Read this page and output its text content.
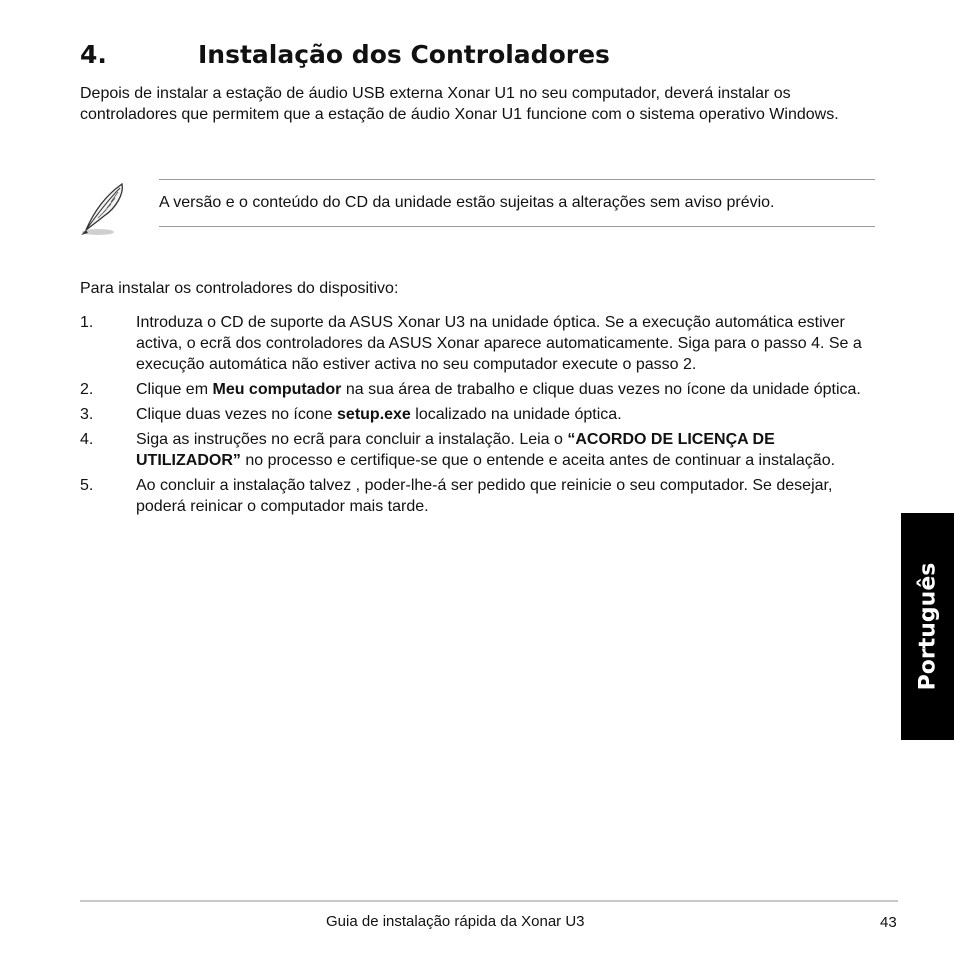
4.	Instalação dos Controladores

Depois de instalar a estação de áudio USB externa Xonar U1 no seu computador, deverá instalar os controladores que permitem que a estação de áudio Xonar U1 funcione com o sistema operativo Windows.

A versão e o conteúdo do CD da unidade estão sujeitas a alterações sem aviso prévio.

Para instalar os controladores do dispositivo:

1.	Introduza o CD de suporte da ASUS Xonar U3 na unidade óptica. Se a execução automática estiver activa, o ecrã dos controladores da ASUS Xonar aparece automaticamente. Siga para o passo 4. Se a execução automática não estiver activa no seu computador execute o passo 2.
2.	Clique em Meu computador na sua área de trabalho e clique duas vezes no ícone da unidade óptica.
3.	Clique duas vezes no ícone setup.exe localizado na unidade óptica.
4.	Siga as instruções no ecrã para concluir a instalação. Leia o “ACORDO DE LICENÇA DE UTILIZADOR” no processo e certifique-se que o entende e aceita antes de continuar a instalação.
5.	Ao concluir a instalação talvez , poder-lhe-á ser pedido que reinicie o seu computador. Se desejar, poderá reinicar o computador mais tarde.
Português
Guia de instalação rápida da Xonar U3	43
